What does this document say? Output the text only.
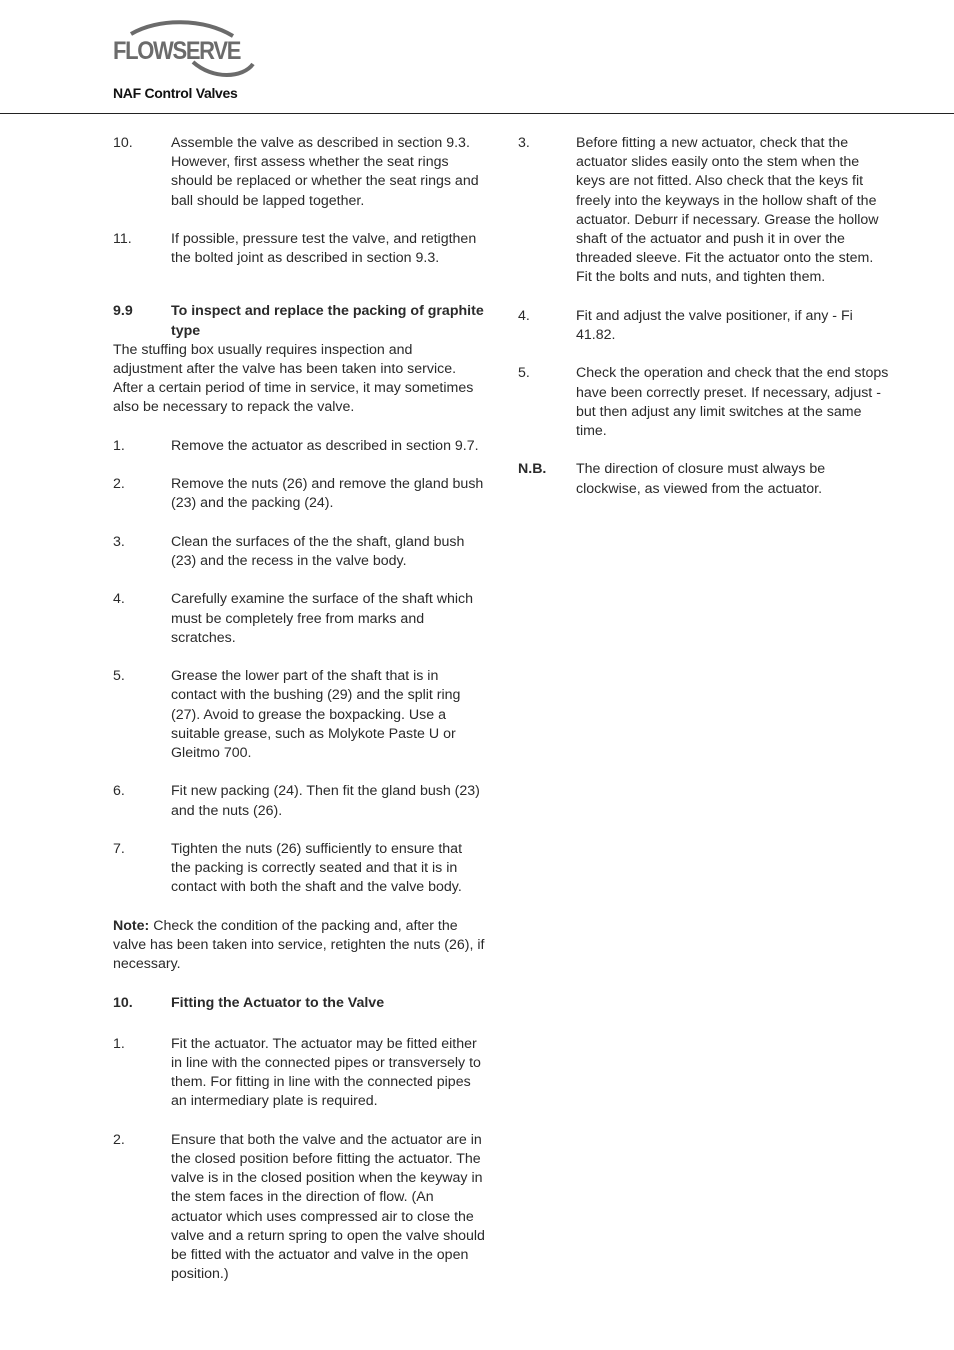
FLOWSERVE
NAF Control Valves
10.	Assemble the valve as described in section 9.3. However, first assess whether the seat rings should be replaced or whether the seat rings and ball should be lapped together.
11.	If possible, pressure test the valve, and retigthen the bolted joint as described in section 9.3.
9.9	To inspect and replace the packing of graphite type
The stuffing box usually requires inspection and adjustment after the valve has been taken into service. After a certain period of time in service, it may sometimes also be necessary to repack the valve.
1.	Remove the actuator as described in section 9.7.
2.	Remove the nuts (26) and remove the gland bush (23) and the packing (24).
3.	Clean the surfaces of the the shaft, gland bush (23) and the recess in the valve body.
4.	Carefully examine the surface of the shaft which must be completely free from marks and scratches.
5.	Grease the lower part of the shaft that is in contact with the bushing (29) and the split ring (27). Avoid to grease the boxpacking. Use a suitable grease, such as Molykote Paste U or Gleitmo 700.
6.	Fit new packing (24). Then fit the gland bush (23) and the nuts (26).
7.	Tighten the nuts (26) sufficiently to ensure that the packing is correctly seated and that it is in contact with both the shaft and the valve body.
Note: Check the condition of the packing and, after the valve has been taken into service, retighten the nuts (26), if necessary.
10.	Fitting the Actuator to the Valve
1.	Fit the actuator. The actuator may be fitted either in line with the connected pipes or transversely to them. For fitting in line with the connected pipes an intermediary plate is required.
2.	Ensure that both the valve and the actuator are in the closed position before fitting the actuator. The valve is in the closed position when the keyway in the stem faces in the direction of flow. (An actuator which uses compressed air to close the valve and a return spring to open the valve should be fitted with the actuator and valve in the open position.)
3.	Before fitting a new actuator, check that the actuator slides easily onto the stem when the keys are not fitted. Also check that the keys fit freely into the keyways in the hollow shaft of the actuator. Deburr if necessary. Grease the hollow shaft of the actuator and push it in over the threaded sleeve. Fit the actuator onto the stem. Fit the bolts and nuts, and tighten them.
4.	Fit and adjust the valve positioner, if any - Fi 41.82.
5.	Check the operation and check that the end stops have been correctly preset. If necessary, adjust - but then adjust any limit switches at the same time.
N.B.	The direction of closure must always be clockwise, as viewed from the actuator.
